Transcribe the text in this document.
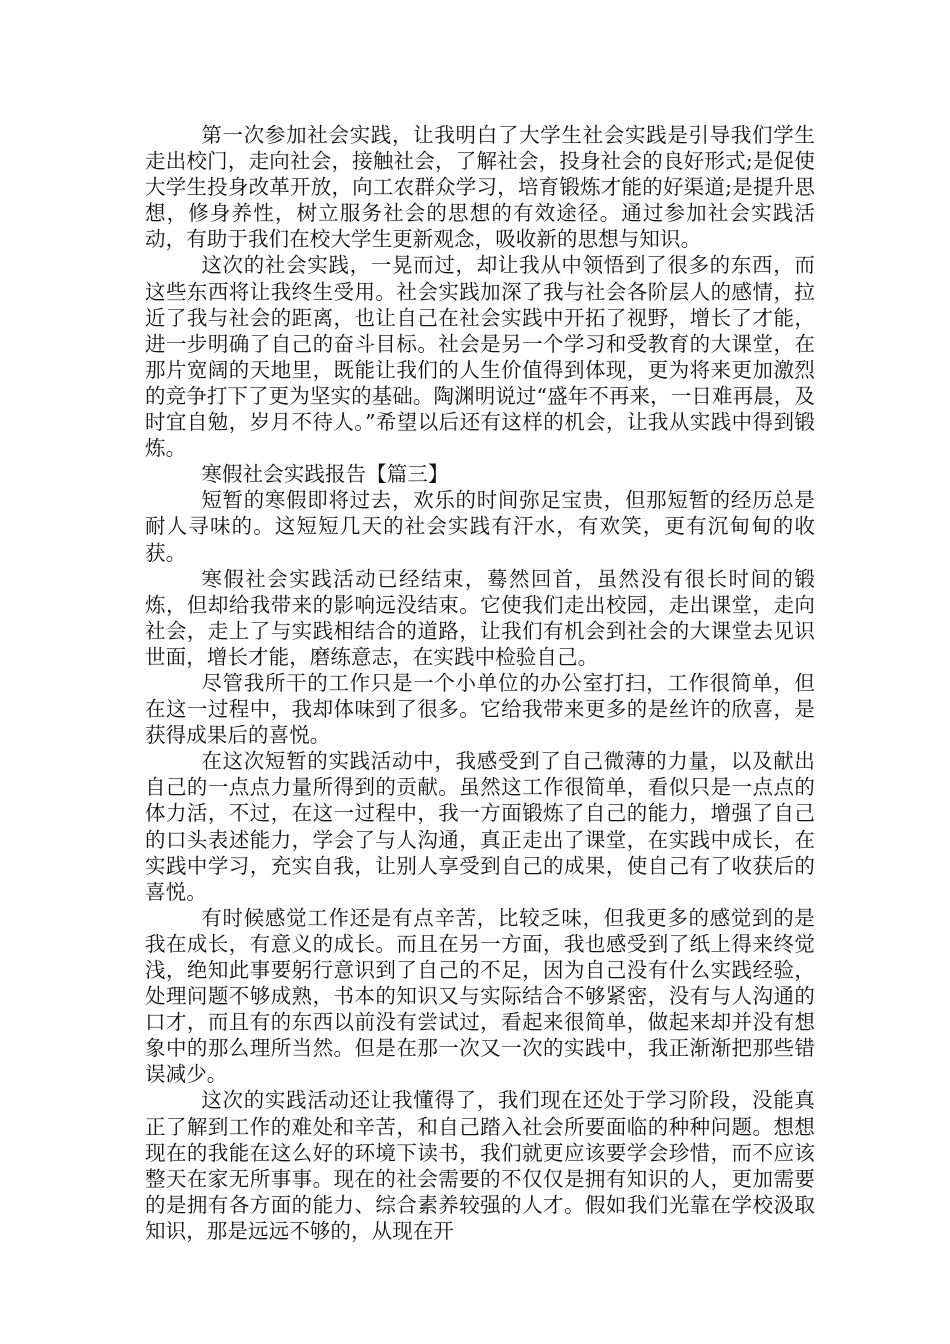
第一次参加社会实践，让我明白了大学生社会实践是引导我们学生走出校门，走向社会，接触社会，了解社会，投身社会的良好形式;是促使大学生投身改革开放，向工农群众学习，培育锻炼才能的好渠道;是提升思想，修身养性，树立服务社会的思想的有效途径。通过参加社会实践活动，有助于我们在校大学生更新观念，吸收新的思想与知识。

这次的社会实践，一晃而过，却让我从中领悟到了很多的东西，而这些东西将让我终生受用。社会实践加深了我与社会各阶层人的感情，拉近了我与社会的距离，也让自己在社会实践中开拓了视野，增长了才能，进一步明确了自己的奋斗目标。社会是另一个学习和受教育的大课堂，在那片宽阔的天地里，既能让我们的人生价值得到体现，更为将来更加激烈的竞争打下了更为坚实的基础。陶渊明说过“盛年不再来，一日难再晨，及时宜自勉，岁月不待人。”希望以后还有这样的机会，让我从实践中得到锻炼。

寒假社会实践报告【篇三】

短暂的寒假即将过去，欢乐的时间弥足宝贵，但那短暂的经历总是耐人寻味的。这短短几天的社会实践有汗水，有欢笑，更有沉甸甸的收获。

寒假社会实践活动已经结束，蓦然回首，虽然没有很长时间的锻炼，但却给我带来的影响远没结束。它使我们走出校园，走出课堂，走向社会，走上了与实践相结合的道路，让我们有机会到社会的大课堂去见识世面，增长才能，磨练意志，在实践中检验自己。

尽管我所干的工作只是一个小单位的办公室打扫，工作很简单，但在这一过程中，我却体味到了很多。它给我带来更多的是丝许的欣喜，是获得成果后的喜悦。

在这次短暂的实践活动中，我感受到了自己微薄的力量，以及献出自己的一点点力量所得到的贡献。虽然这工作很简单，看似只是一点点的体力活，不过，在这一过程中，我一方面锻炼了自己的能力，增强了自己的口头表述能力，学会了与人沟通，真正走出了课堂，在实践中成长，在实践中学习，充实自我，让别人享受到自己的成果，使自己有了收获后的喜悦。

有时候感觉工作还是有点辛苦，比较乏味，但我更多的感觉到的是我在成长，有意义的成长。而且在另一方面，我也感受到了纸上得来终觉浅，绝知此事要躬行意识到了自己的不足，因为自己没有什么实践经验，处理问题不够成熟，书本的知识又与实际结合不够紧密，没有与人沟通的口才，而且有的东西以前没有尝试过，看起来很简单，做起来却并没有想象中的那么理所当然。但是在那一次又一次的实践中，我正渐渐把那些错误减少。

这次的实践活动还让我懂得了，我们现在还处于学习阶段，没能真正了解到工作的难处和辛苦，和自己踏入社会所要面临的种种问题。想想现在的我能在这么好的环境下读书，我们就更应该要学会珍惜，而不应该整天在家无所事事。现在的社会需要的不仅仅是拥有知识的人，更加需要的是拥有各方面的能力、综合素养较强的人才。假如我们光靠在学校汲取知识，那是远远不够的，从现在开
